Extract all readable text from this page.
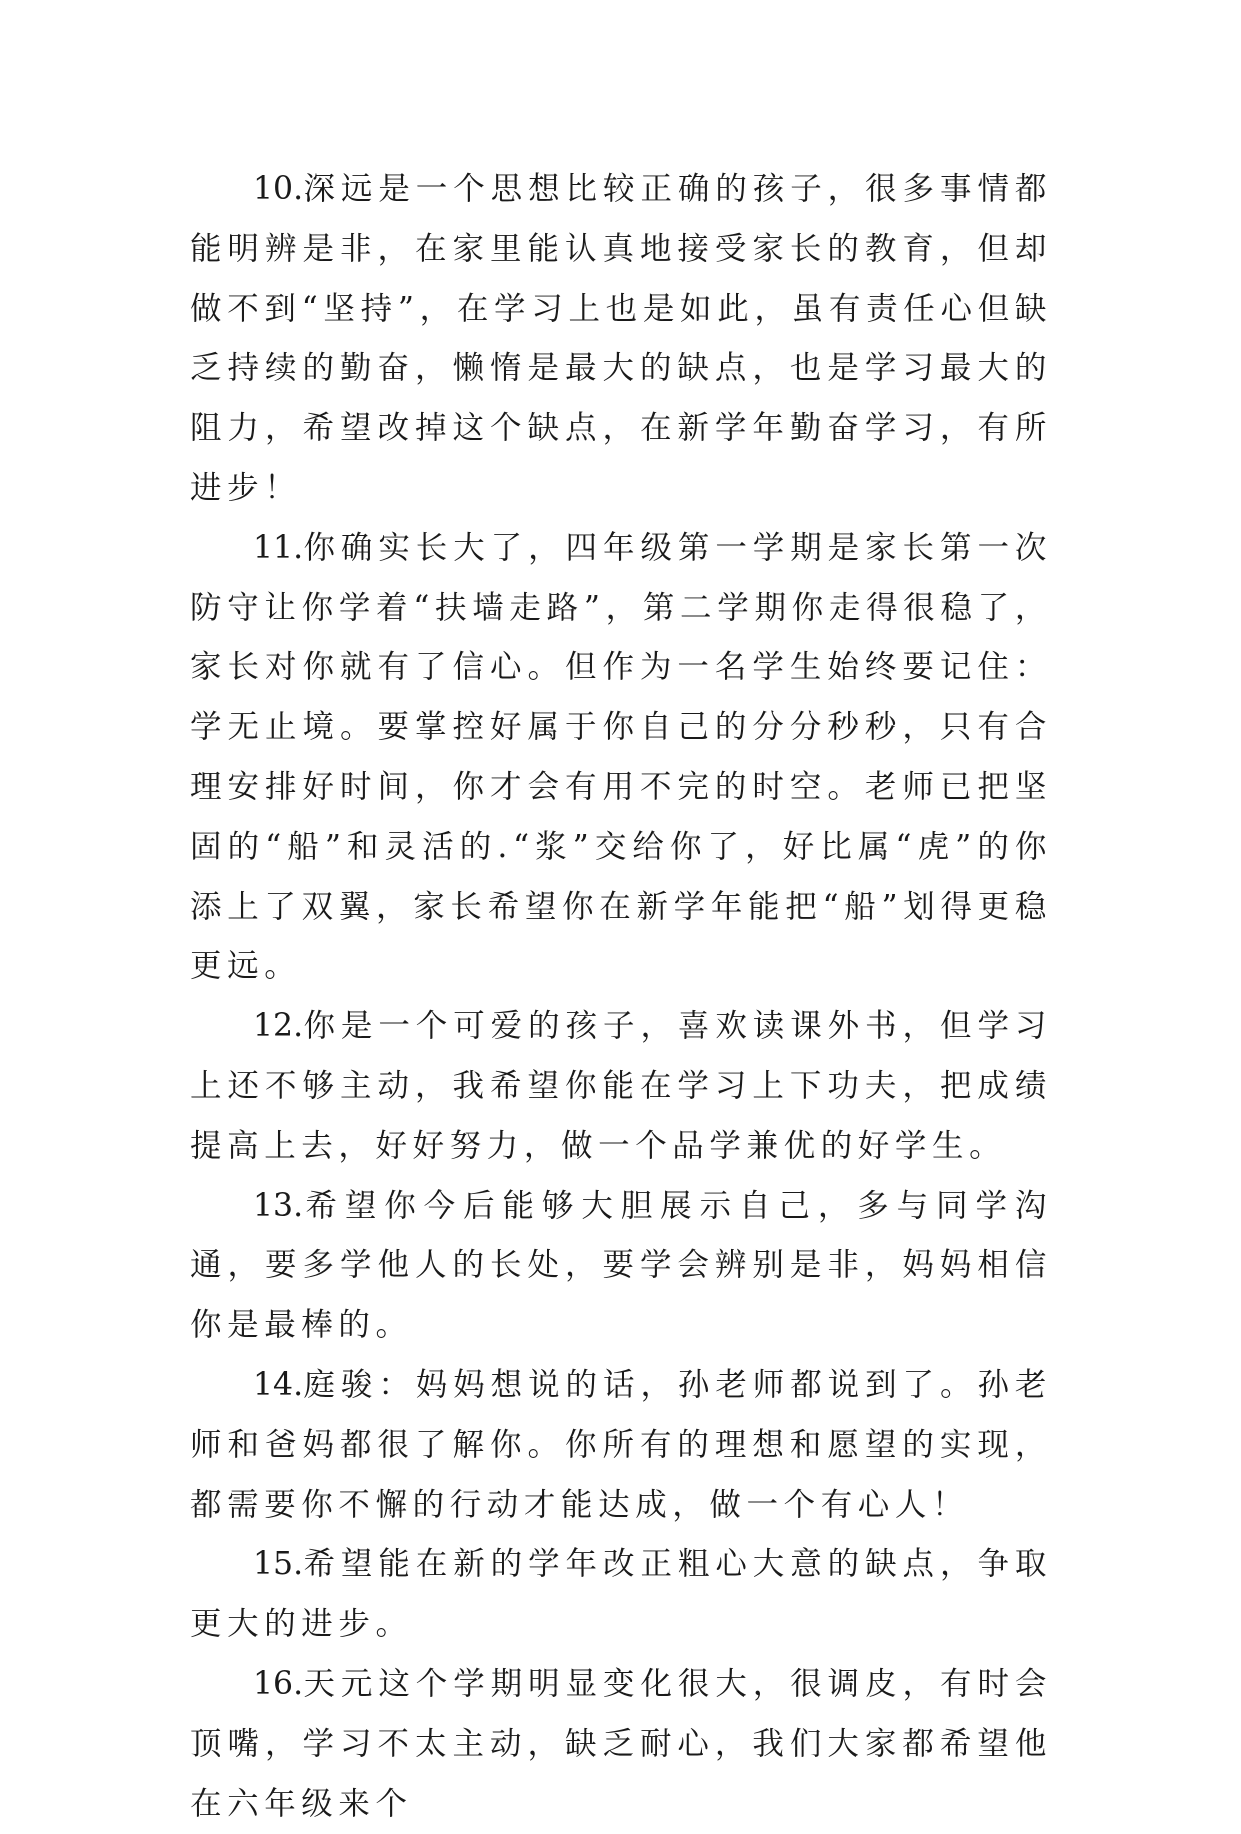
10.深远是一个思想比较正确的孩子，很多事情都能明辨是非，在家里能认真地接受家长的教育，但却做不到“坚持”，在学习上也是如此，虽有责任心但缺乏持续的勤奋，懒惰是最大的缺点，也是学习最大的阻力，希望改掉这个缺点，在新学年勤奋学习，有所进步！

11.你确实长大了，四年级第一学期是家长第一次防守让你学着“扶墙走路”，第二学期你走得很稳了，家长对你就有了信心。但作为一名学生始终要记住：学无止境。要掌控好属于你自己的分分秒秒，只有合理安排好时间，你才会有用不完的时空。老师已把坚固的“船”和灵活的.“浆”交给你了，好比属“虎”的你添上了双翼，家长希望你在新学年能把“船”划得更稳更远。

12.你是一个可爱的孩子，喜欢读课外书，但学习上还不够主动，我希望你能在学习上下功夫，把成绩提高上去，好好努力，做一个品学兼优的好学生。

13.希望你今后能够大胆展示自己，多与同学沟通，要多学他人的长处，要学会辨别是非，妈妈相信你是最棒的。

14.庭骏：妈妈想说的话，孙老师都说到了。孙老师和爸妈都很了解你。你所有的理想和愿望的实现，都需要你不懈的行动才能达成，做一个有心人！

15.希望能在新的学年改正粗心大意的缺点，争取更大的进步。

16.天元这个学期明显变化很大，很调皮，有时会顶嘴，学习不太主动，缺乏耐心，我们大家都希望他在六年级来个
